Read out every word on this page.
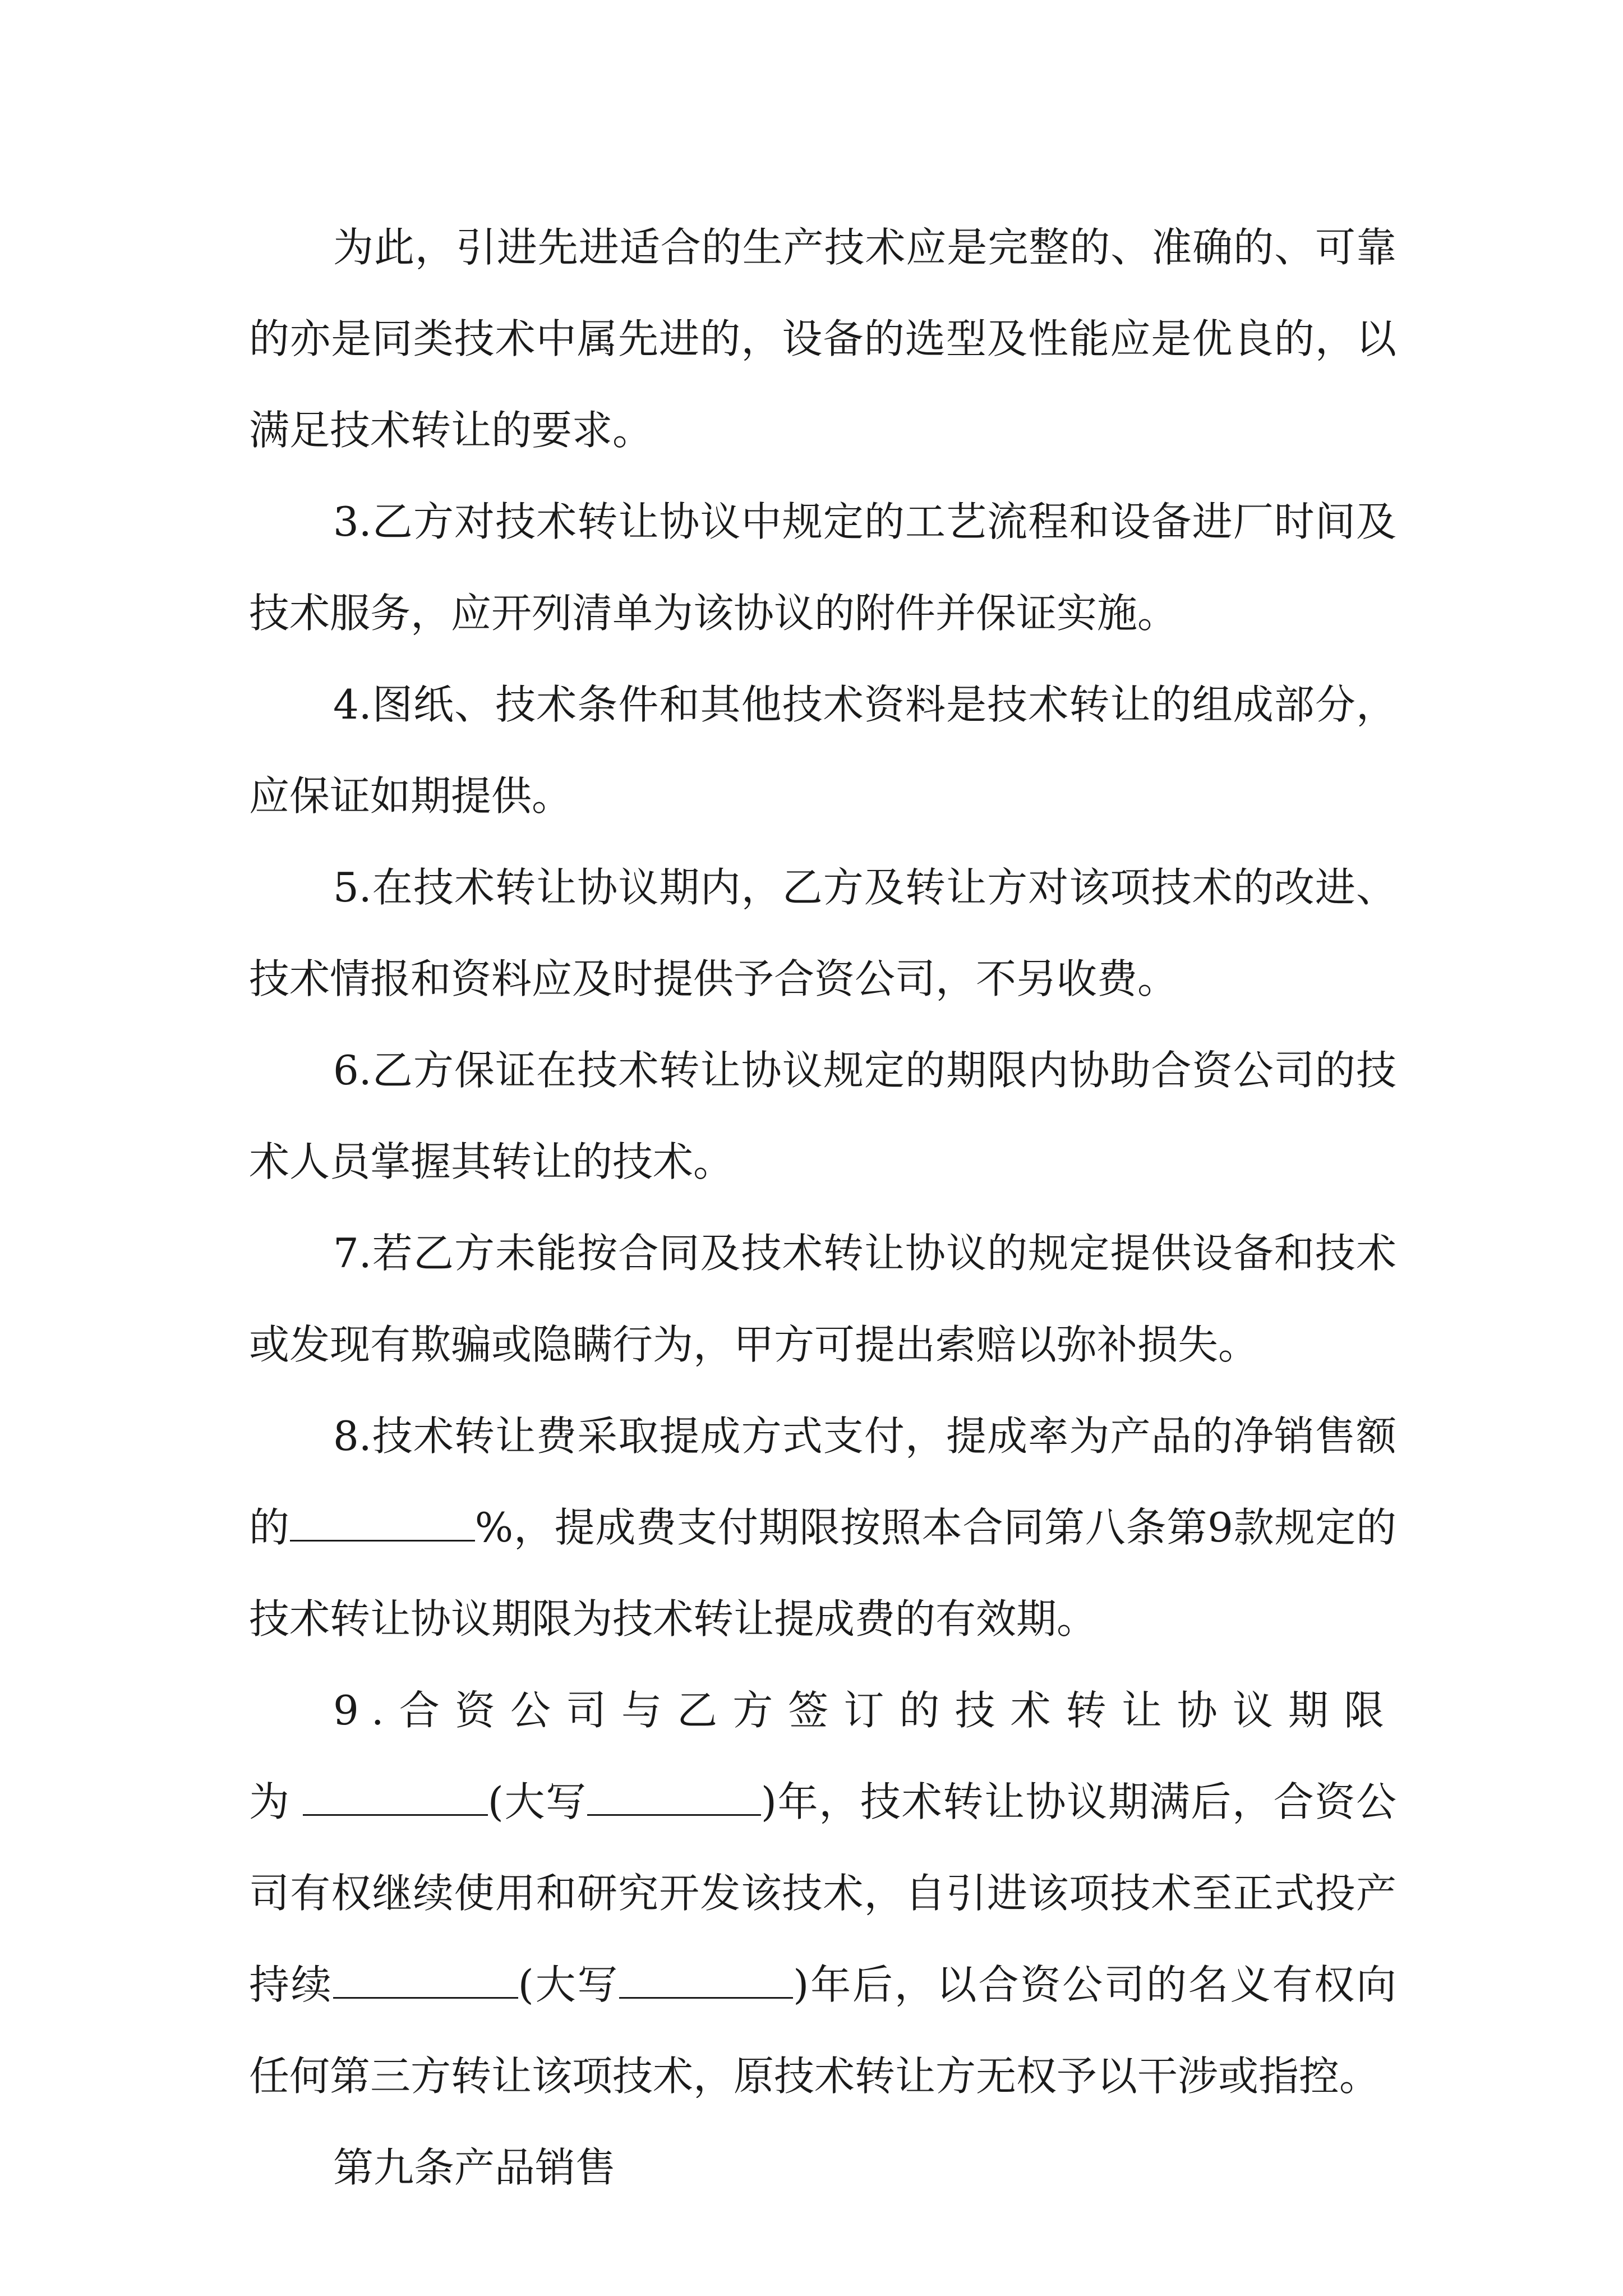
为此，引进先进适合的生产技术应是完整的、准确的、可靠的亦是同类技术中属先进的，设备的选型及性能应是优良的，以满足技术转让的要求。

3.乙方对技术转让协议中规定的工艺流程和设备进厂时间及技术服务，应开列清单为该协议的附件并保证实施。

4.图纸、技术条件和其他技术资料是技术转让的组成部分，应保证如期提供。

5.在技术转让协议期内，乙方及转让方对该项技术的改进、技术情报和资料应及时提供予合资公司，不另收费。

6.乙方保证在技术转让协议规定的期限内协助合资公司的技术人员掌握其转让的技术。

7.若乙方未能按合同及技术转让协议的规定提供设备和技术或发现有欺骗或隐瞒行为，甲方可提出索赔以弥补损失。

8.技术转让费采取提成方式支付，提成率为产品的净销售额的	%，提成费支付期限按照本合同第八条第9款规定的技术转让协议期限为技术转让提成费的有效期。

9.合资公司与乙方签订的技术转让协议期限为	(大写	)年，技术转让协议期满后，合资公司有权继续使用和研究开发该技术，自引进该项技术至正式投产持续	(大写	)年后，以合资公司的名义有权向任何第三方转让该项技术，原技术转让方无权予以干涉或指控。

第九条产品销售
